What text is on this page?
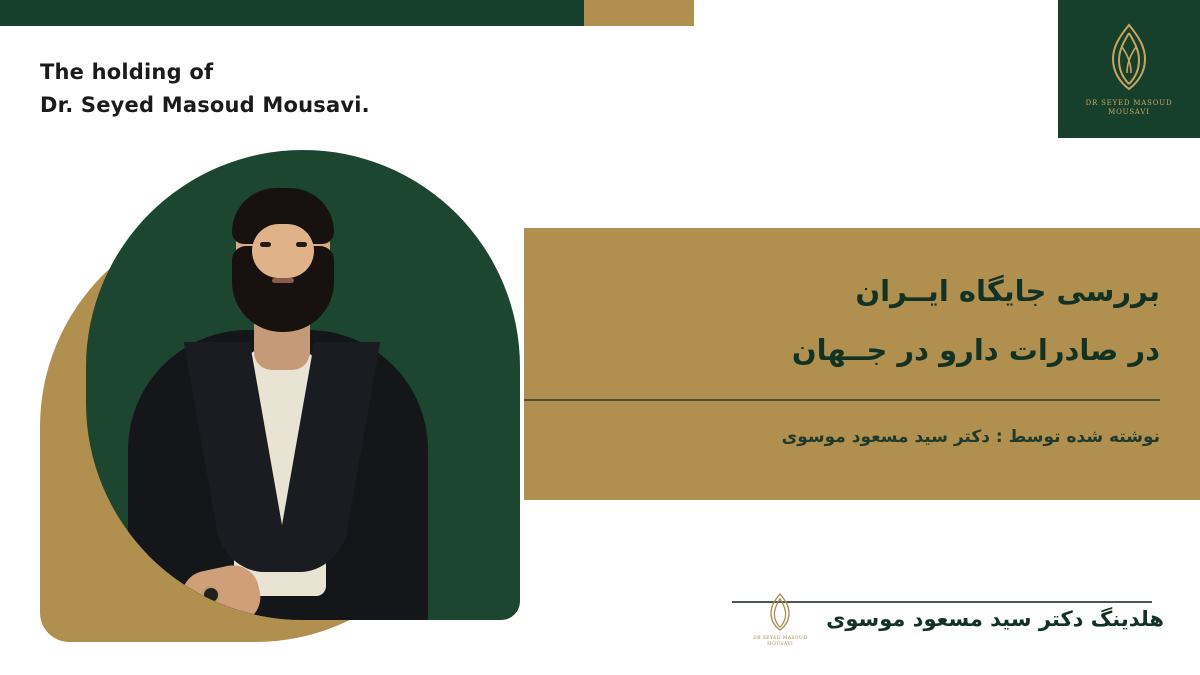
DR SEYED MASOUD
MOUSAVI
The holding of
Dr. Seyed Masoud Mousavi.
بررسی جایگاه ایــران
در صادرات دارو در جــهان
نوشته شده توسط : دکتر سید مسعود موسوی
هلدینگ دکتر سید مسعود موسوی
DR SEYED MASOUD
MOUSAVI
